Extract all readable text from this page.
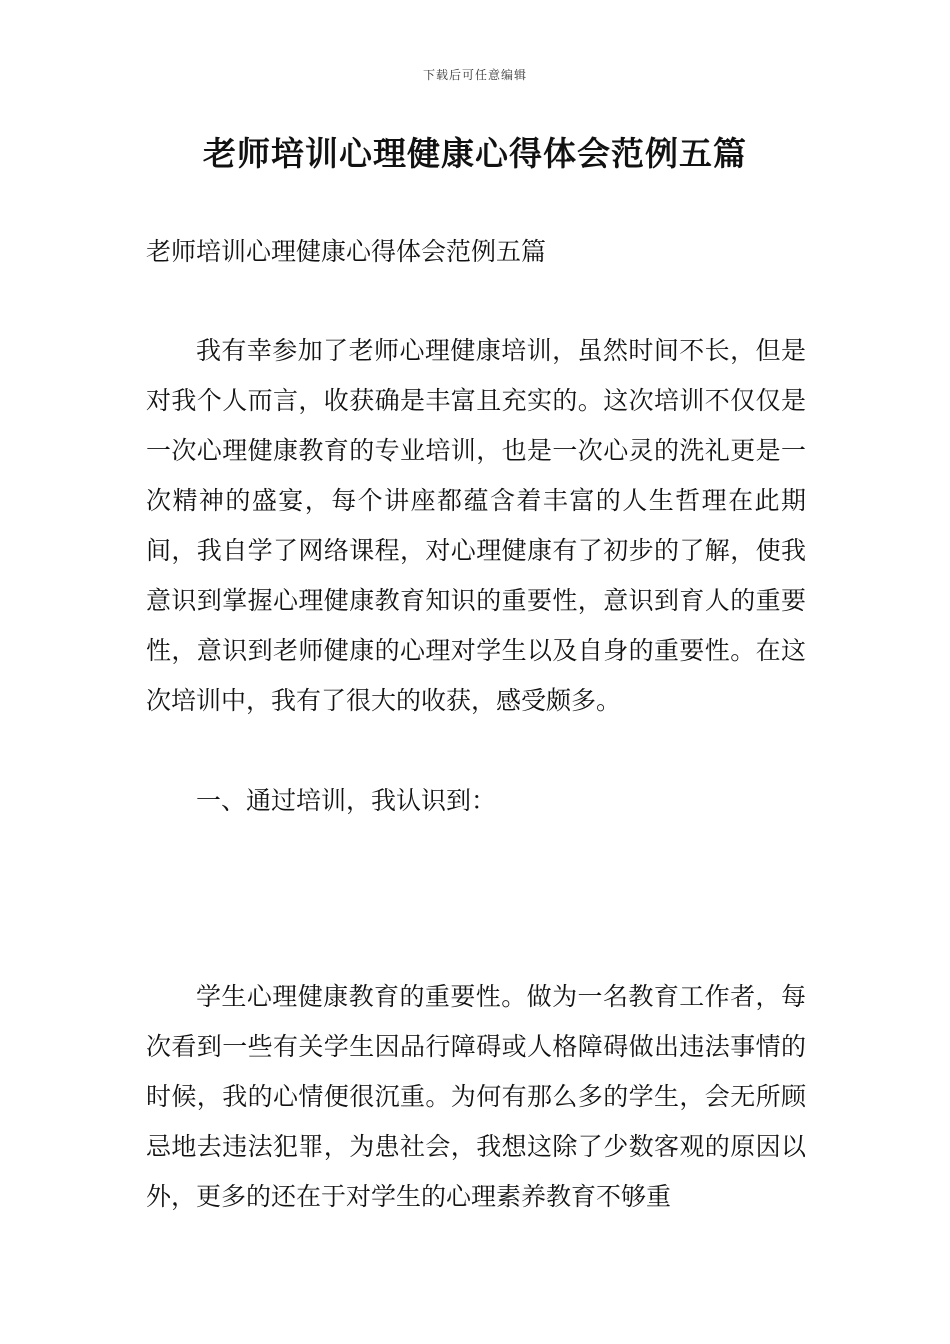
下载后可任意编辑
老师培训心理健康心得体会范例五篇

老师培训心理健康心得体会范例五篇

我有幸参加了老师心理健康培训，虽然时间不长，但是对我个人而言，收获确是丰富且充实的。这次培训不仅仅是一次心理健康教育的专业培训，也是一次心灵的洗礼更是一次精神的盛宴，每个讲座都蕴含着丰富的人生哲理在此期间，我自学了网络课程，对心理健康有了初步的了解，使我意识到掌握心理健康教育知识的重要性，意识到育人的重要性，意识到老师健康的心理对学生以及自身的重要性。在这次培训中，我有了很大的收获，感受颇多。

一、通过培训，我认识到：

学生心理健康教育的重要性。做为一名教育工作者，每次看到一些有关学生因品行障碍或人格障碍做出违法事情的时候，我的心情便很沉重。为何有那么多的学生，会无所顾忌地去违法犯罪，为患社会，我想这除了少数客观的原因以外，更多的还在于对学生的心理素养教育不够重
